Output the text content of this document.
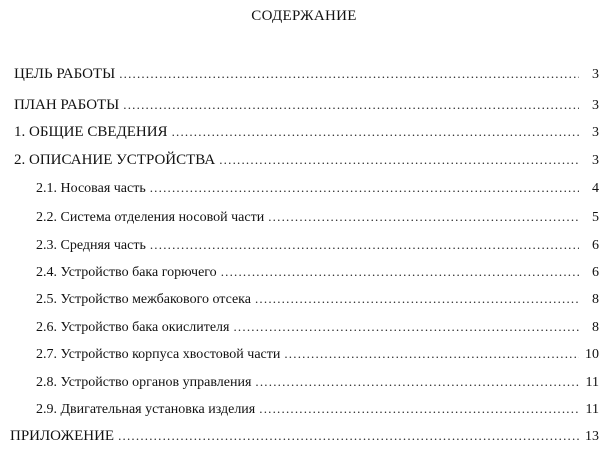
СОДЕРЖАНИЕ
ЦЕЛЬ РАБОТЫ .....	3
ПЛАН РАБОТЫ .....	3
1. ОБЩИЕ СВЕДЕНИЯ .....	3
2. ОПИСАНИЕ УСТРОЙСТВА .....	3
2.1. Носовая часть .....	4
2.2. Система отделения носовой части .....	5
2.3. Средняя часть .....	6
2.4. Устройство бака горючего .....	6
2.5. Устройство межбакового отсека .....	8
2.6. Устройство бака окислителя .....	8
2.7. Устройство корпуса хвостовой части .....	10
2.8. Устройство органов управления .....	11
2.9. Двигательная установка изделия .....	11
ПРИЛОЖЕНИЕ .....	13
